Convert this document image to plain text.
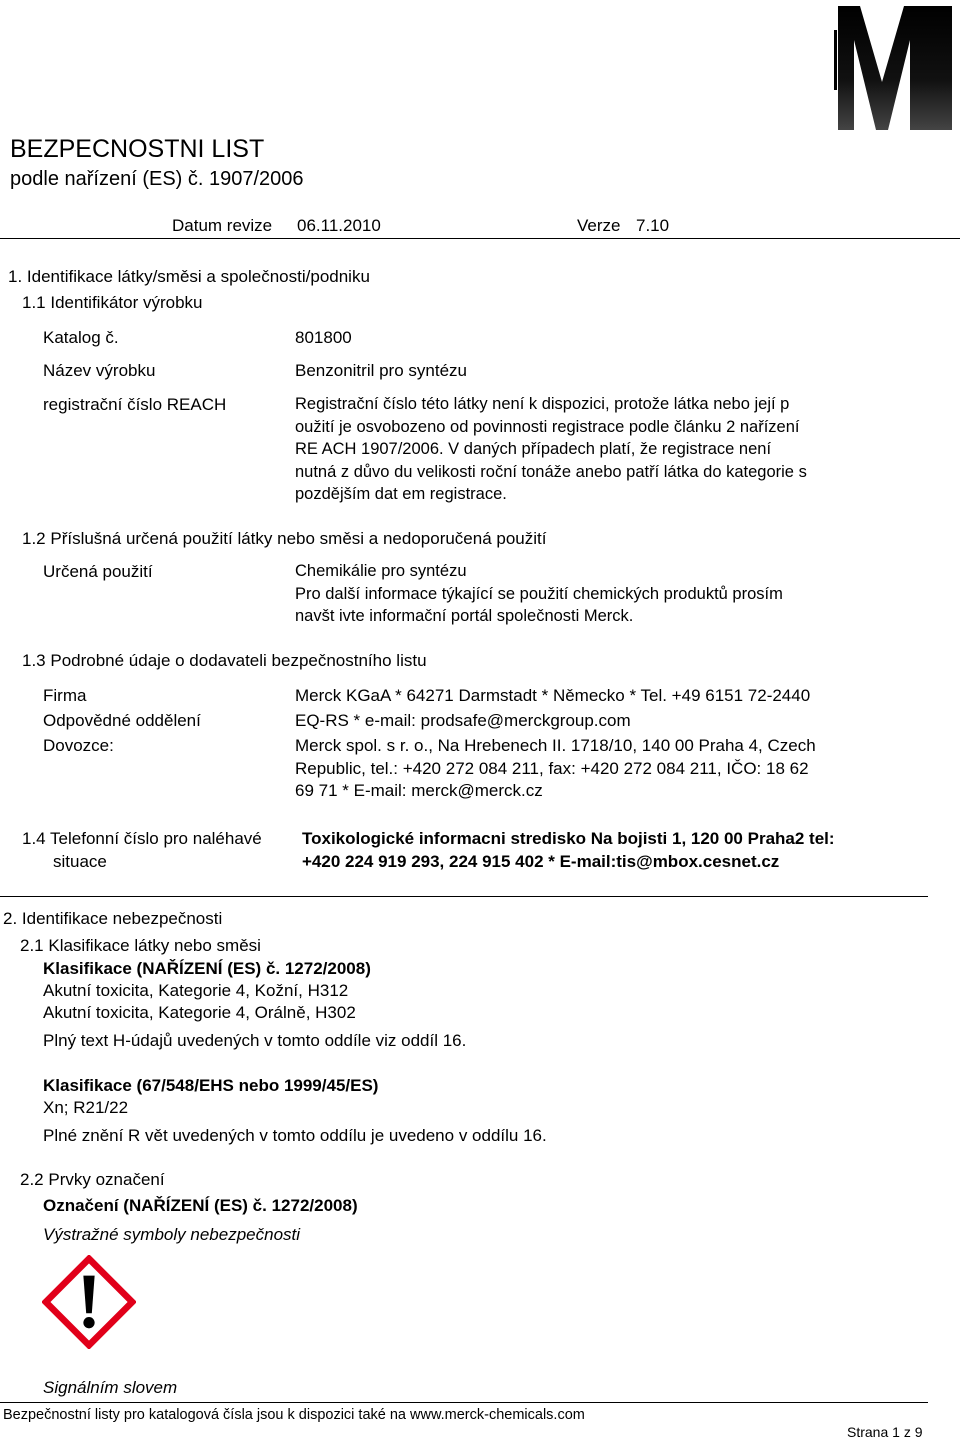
BEZPECNOSTNI LIST
podle nařízení (ES) č. 1907/2006
Datum revize 06.11.2010	Verze 7.10
1. Identifikace látky/směsi a společnosti/podniku
1.1 Identifikátor výrobku
Katalog č.	801800
Název výrobku	Benzonitril pro syntézu
registrační číslo REACH	Registrační číslo této látky není k dispozici, protože látka nebo její p
oužití je osvobozeno od povinnosti registrace podle článku 2 nařízení
RE ACH 1907/2006. V daných případech platí, že registrace není
nutná z důvo du velikosti roční tonáže anebo patří látka do kategorie s
pozdějším dat em registrace.
1.2 Příslušná určená použití látky nebo směsi a nedoporučená použití
Určená použití	Chemikálie pro syntézu
Pro další informace týkající se použití chemických produktů prosím
navšt ivte informační portál společnosti Merck.
1.3 Podrobné údaje o dodavateli bezpečnostního listu
Firma	Merck KGaA * 64271 Darmstadt * Německo * Tel. +49 6151 72-2440
Odpovědné oddělení	EQ-RS * e-mail: prodsafe@merckgroup.com
Dovozce:	Merck spol. s r. o., Na Hrebenech II. 1718/10, 140 00 Praha 4, Czech
Republic, tel.: +420 272 084 211, fax: +420 272 084 211, IČO: 18 62
69 71 * E-mail: merck@merck.cz
1.4 Telefonní číslo pro naléhavé
situace
Toxikologické informacni stredisko Na bojisti 1, 120 00 Praha2 tel:
+420 224 919 293, 224 915 402 * E-mail:tis@mbox.cesnet.cz
2. Identifikace nebezpečnosti
2.1 Klasifikace látky nebo směsi
Klasifikace (NAŘÍZENÍ (ES) č. 1272/2008)
Akutní toxicita, Kategorie 4, Kožní, H312
Akutní toxicita, Kategorie 4, Orálně, H302
Plný text H-údajů uvedených v tomto oddíle viz oddíl 16.
Klasifikace (67/548/EHS nebo 1999/45/ES)
Xn; R21/22
Plné znění R vět uvedených v tomto oddílu je uvedeno v oddílu 16.
2.2 Prvky označení
Označení (NAŘÍZENÍ (ES) č. 1272/2008)
Výstražné symboly nebezpečnosti
Signálním slovem
Bezpečnostní listy pro katalogová čísla jsou k dispozici také na www.merck-chemicals.com
Strana 1 z 9
